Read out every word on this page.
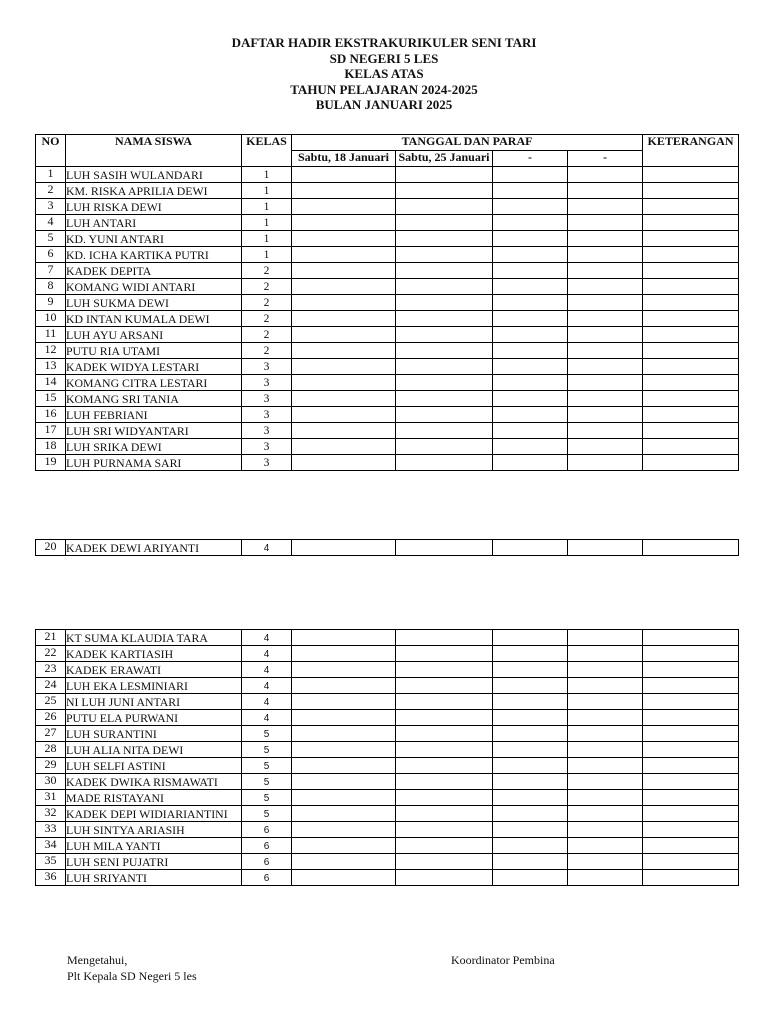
DAFTAR HADIR EKSTRAKURIKULER SENI TARI
SD NEGERI 5 LES
KELAS ATAS
TAHUN PELAJARAN 2024-2025
BULAN JANUARI 2025
NO	NAMA SISWA	KELAS	TANGGAL DAN PARAF				KETERANGAN
			Sabtu, 18 Januari	Sabtu, 25 Januari	-	-	
1	LUH SASIH WULANDARI	1					
2	KM. RISKA APRILIA DEWI	1					
3	LUH RISKA DEWI	1					
4	LUH ANTARI	1					
5	KD. YUNI ANTARI	1					
6	KD. ICHA KARTIKA PUTRI	1					
7	KADEK DEPITA	2					
8	KOMANG WIDI ANTARI	2					
9	LUH SUKMA DEWI	2					
10	KD INTAN KUMALA DEWI	2					
11	LUH AYU ARSANI	2					
12	PUTU RIA UTAMI	2					
13	KADEK WIDYA LESTARI	3					
14	KOMANG CITRA LESTARI	3					
15	KOMANG SRI TANIA	3					
16	LUH FEBRIANI	3					
17	LUH SRI WIDYANTARI	3					
18	LUH SRIKA DEWI	3					
19	LUH PURNAMA SARI	3					
20	KADEK DEWI ARIYANTI	4					
21	KT SUMA KLAUDIA TARA	4					
22	KADEK KARTIASIH	4					
23	KADEK ERAWATI	4					
24	LUH EKA LESMINIARI	4					
25	NI LUH JUNI ANTARI	4					
26	PUTU ELA PURWANI	4					
27	LUH SURANTINI	5					
28	LUH ALIA NITA DEWI	5					
29	LUH SELFI ASTINI	5					
30	KADEK DWIKA RISMAWATI	5					
31	MADE RISTAYANI	5					
32	KADEK DEPI WIDIARIANTINI	5					
33	LUH SINTYA ARIASIH	6					
34	LUH MILA YANTI	6					
35	LUH SENI PUJATRI	6					
36	LUH SRIYANTI	6					
Mengetahui,
Plt Kepala SD Negeri 5 les
Koordinator Pembina
